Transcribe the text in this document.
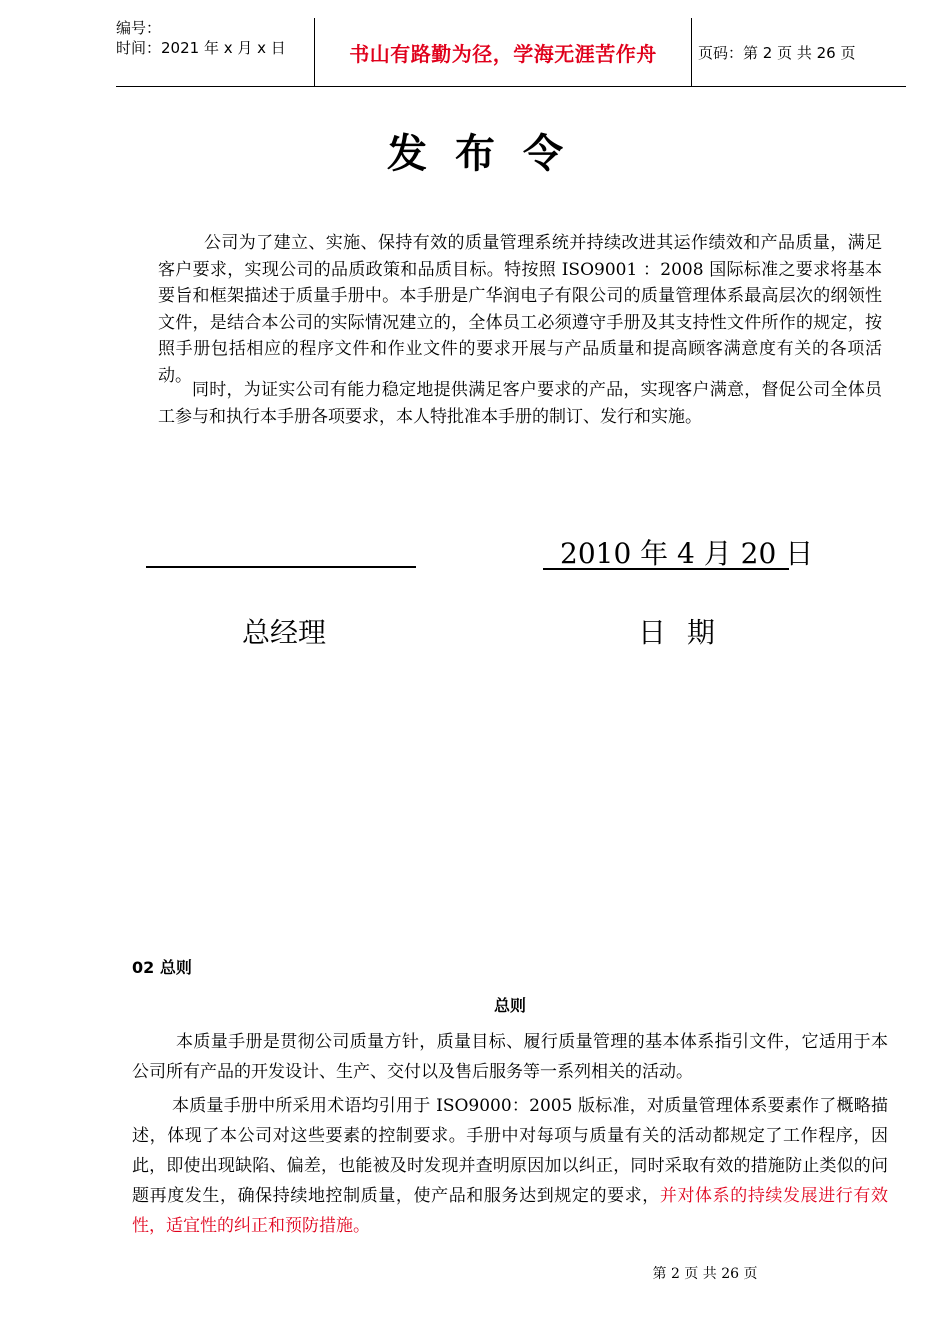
编号：
时间：2021 年 x 月 x 日	书山有路勤为径，学海无涯苦作舟	页码：第 2 页 共 26 页
发布令

公司为了建立、实施、保持有效的质量管理系统并持续改进其运作绩效和产品质量，满足客户要求，实现公司的品质政策和品质目标。特按照 ISO9001 ：2008 国际标准之要求将基本要旨和框架描述于质量手册中。本手册是广华润电子有限公司的质量管理体系最高层次的纲领性文件，是结合本公司的实际情况建立的，全体员工必须遵守手册及其支持性文件所作的规定，按照手册包括相应的程序文件和作业文件的要求开展与产品质量和提高顾客满意度有关的各项活动。

同时，为证实公司有能力稳定地提供满足客户要求的产品，实现客户满意，督促公司全体员工参与和执行本手册各项要求，本人特批准本手册的制订、发行和实施。

2010 年 4 月 20 日
总经理	日 期
02 总则
总则

本质量手册是贯彻公司质量方针，质量目标、履行质量管理的基本体系指引文件，它适用于本公司所有产品的开发设计、生产、交付以及售后服务等一系列相关的活动。

本质量手册中所采用术语均引用于 ISO9000：2005 版标准，对质量管理体系要素作了概略描述，体现了本公司对这些要素的控制要求。手册中对每项与质量有关的活动都规定了工作程序，因此，即使出现缺陷、偏差，也能被及时发现并查明原因加以纠正，同时采取有效的措施防止类似的问题再度发生，确保持续地控制质量，使产品和服务达到规定的要求，并对体系的持续发展进行有效性，适宜性的纠正和预防措施。

第 2 页 共 26 页
